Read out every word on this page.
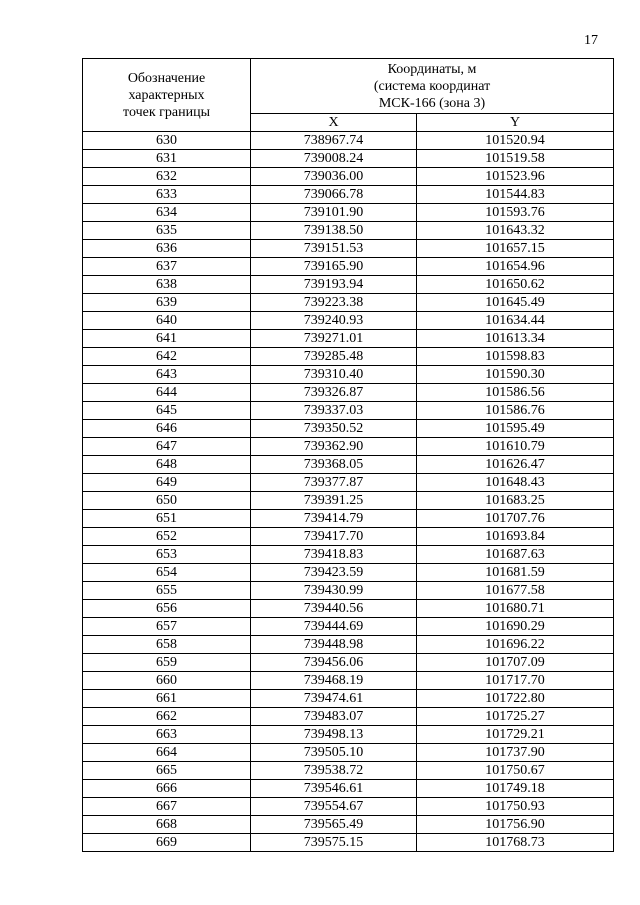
17
Обозначение
характерных
точек границы	Координаты, м
(система координат
МСК-166 (зона 3)	

	X	Y
630	738967.74	101520.94
631	739008.24	101519.58
632	739036.00	101523.96
633	739066.78	101544.83
634	739101.90	101593.76
635	739138.50	101643.32
636	739151.53	101657.15
637	739165.90	101654.96
638	739193.94	101650.62
639	739223.38	101645.49
640	739240.93	101634.44
641	739271.01	101613.34
642	739285.48	101598.83
643	739310.40	101590.30
644	739326.87	101586.56
645	739337.03	101586.76
646	739350.52	101595.49
647	739362.90	101610.79
648	739368.05	101626.47
649	739377.87	101648.43
650	739391.25	101683.25
651	739414.79	101707.76
652	739417.70	101693.84
653	739418.83	101687.63
654	739423.59	101681.59
655	739430.99	101677.58
656	739440.56	101680.71
657	739444.69	101690.29
658	739448.98	101696.22
659	739456.06	101707.09
660	739468.19	101717.70
661	739474.61	101722.80
662	739483.07	101725.27
663	739498.13	101729.21
664	739505.10	101737.90
665	739538.72	101750.67
666	739546.61	101749.18
667	739554.67	101750.93
668	739565.49	101756.90
669	739575.15	101768.73
